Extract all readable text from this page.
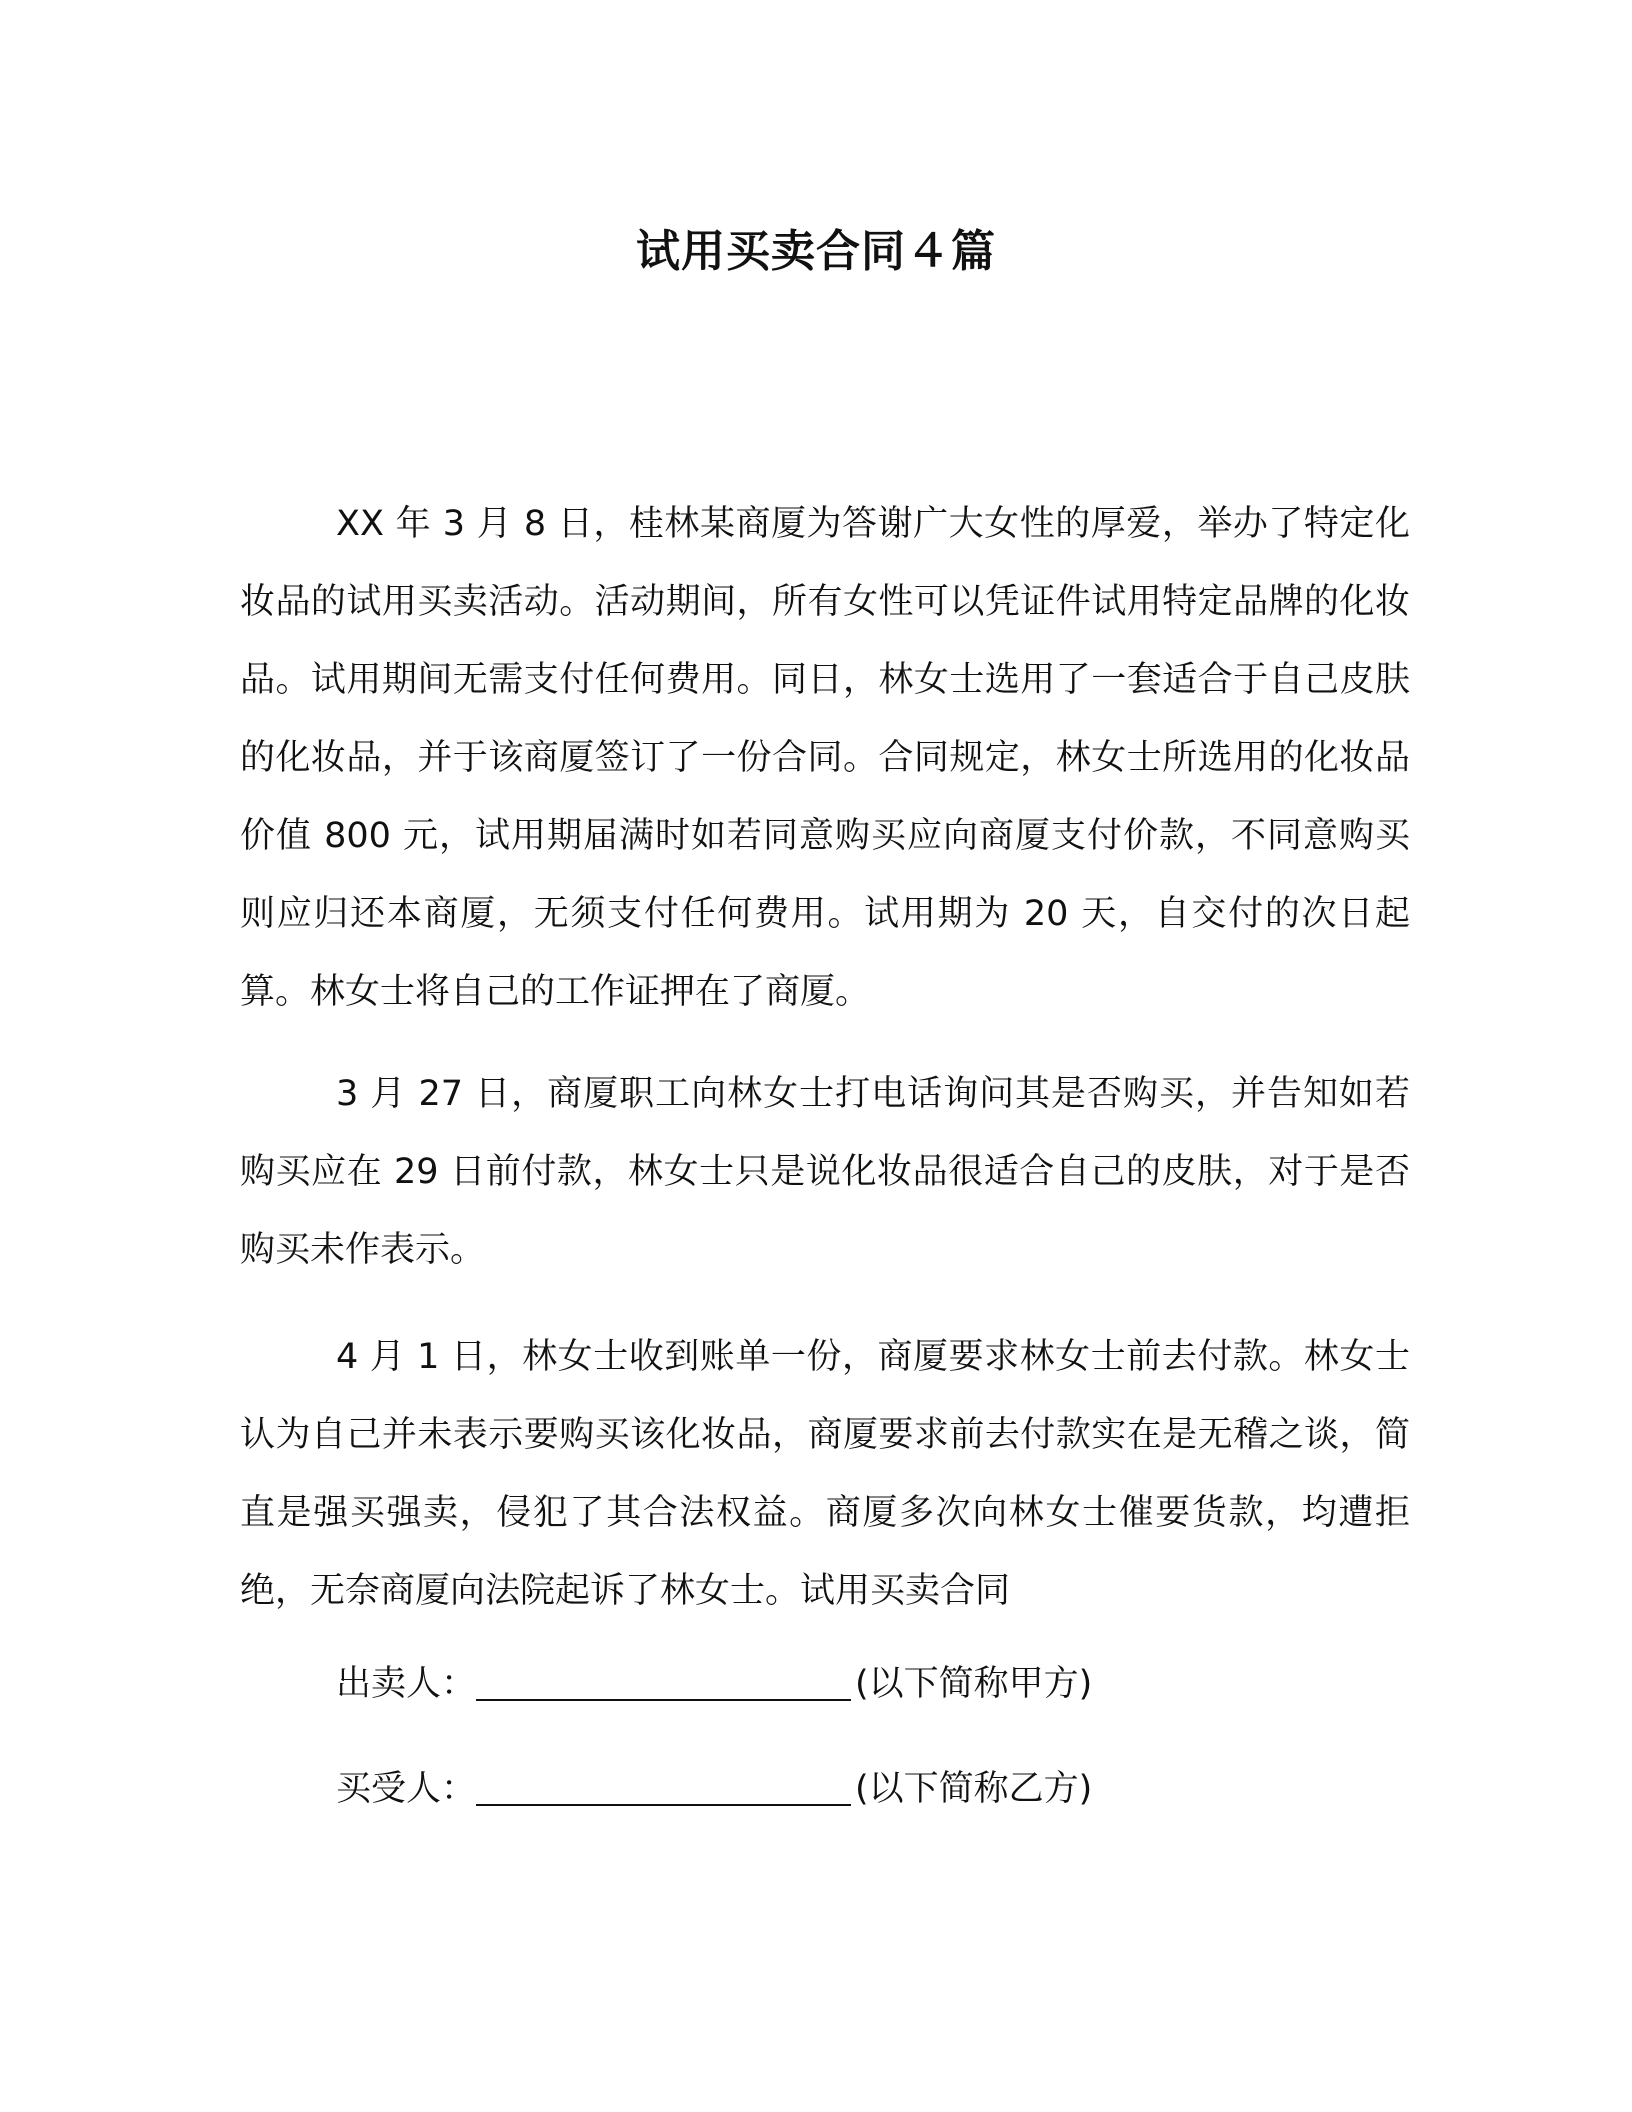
试用买卖合同４篇

XX 年 3 月 8 日，桂林某商厦为答谢广大女性的厚爱，举办了特定化妆品的试用买卖活动。活动期间，所有女性可以凭证件试用特定品牌的化妆品。试用期间无需支付任何费用。同日，林女士选用了一套适合于自己皮肤的化妆品，并于该商厦签订了一份合同。合同规定，林女士所选用的化妆品价值 800 元，试用期届满时如若同意购买应向商厦支付价款，不同意购买则应归还本商厦，无须支付任何费用。试用期为 20 天，自交付的次日起算。林女士将自己的工作证押在了商厦。

3 月 27 日，商厦职工向林女士打电话询问其是否购买，并告知如若购买应在 29 日前付款，林女士只是说化妆品很适合自己的皮肤，对于是否购买未作表示。

4 月 1 日，林女士收到账单一份，商厦要求林女士前去付款。林女士认为自己并未表示要购买该化妆品，商厦要求前去付款实在是无稽之谈，简直是强买强卖，侵犯了其合法权益。商厦多次向林女士催要货款，均遭拒绝，无奈商厦向法院起诉了林女士。试用买卖合同

出卖人：	(以下简称甲方)

买受人：	(以下简称乙方)
